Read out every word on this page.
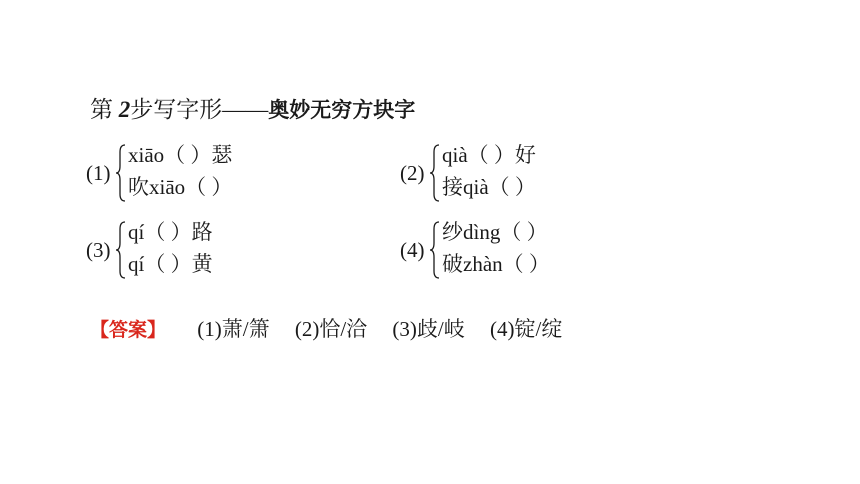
第 2步写字形——奥妙无穷方块字
(1)
xiāo（ ）瑟
吹xiāo（ ）
(2)
qià（ ）好
接qià（ ）
(3)
qí（ ）路
qí（ ）黄
(4)
纱dìng（ ）
破zhàn（ ）
【答案】 (1)萧/箫 (2)恰/洽 (3)歧/岐 (4)锭/绽
